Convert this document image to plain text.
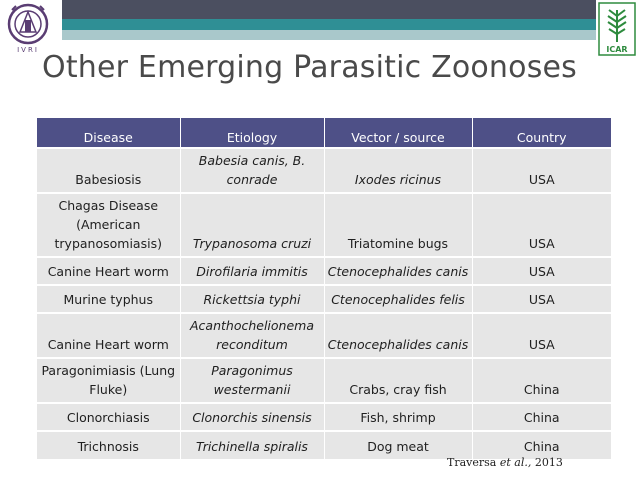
IVRI	ICAR
Other Emerging Parasitic Zoonoses
Disease	Etiology	Vector / source	Country
Babesiosis	Babesia canis, B. conrade	Ixodes ricinus	USA
Chagas Disease (American trypanosomiasis)	Trypanosoma cruzi	Triatomine bugs	USA
Canine Heart worm	Dirofilaria immitis	Ctenocephalides canis	USA
Murine typhus	Rickettsia typhi	Ctenocephalides felis	USA
Canine Heart worm	Acanthochelionema reconditum	Ctenocephalides canis	USA
Paragonimiasis (Lung Fluke)	Paragonimus westermanii	Crabs, cray fish	China
Clonorchiasis	Clonorchis sinensis	Fish, shrimp	China
Trichnosis	Trichinella spiralis	Dog meat	China

Traversa et al., 2013
